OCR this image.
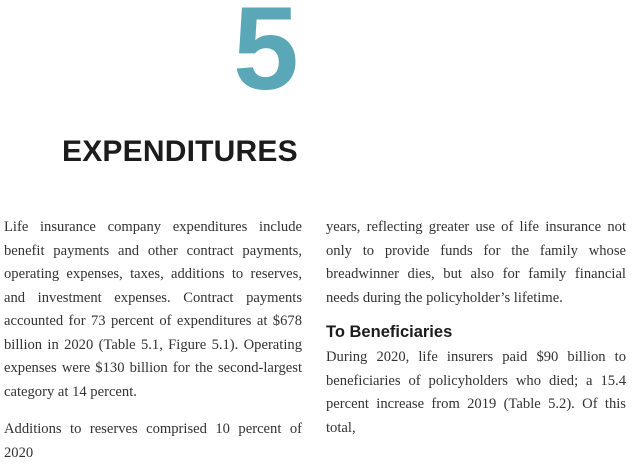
5
EXPENDITURES

Life insurance company expenditures include benefit payments and other contract payments, operating expenses, taxes, additions to reserves, and investment expenses. Contract payments accounted for 73 percent of expenditures at $678 billion in 2020 (Table 5.1, Figure 5.1). Operating expenses were $130 billion for the second-largest category at 14 percent.

Additions to reserves comprised 10 percent of 2020

years, reflecting greater use of life insurance not only to provide funds for the family whose breadwinner dies, but also for family financial needs during the policyholder’s lifetime.

To Beneficiaries

During 2020, life insurers paid $90 billion to beneficiaries of policyholders who died; a 15.4 percent increase from 2019 (Table 5.2). Of this total,
